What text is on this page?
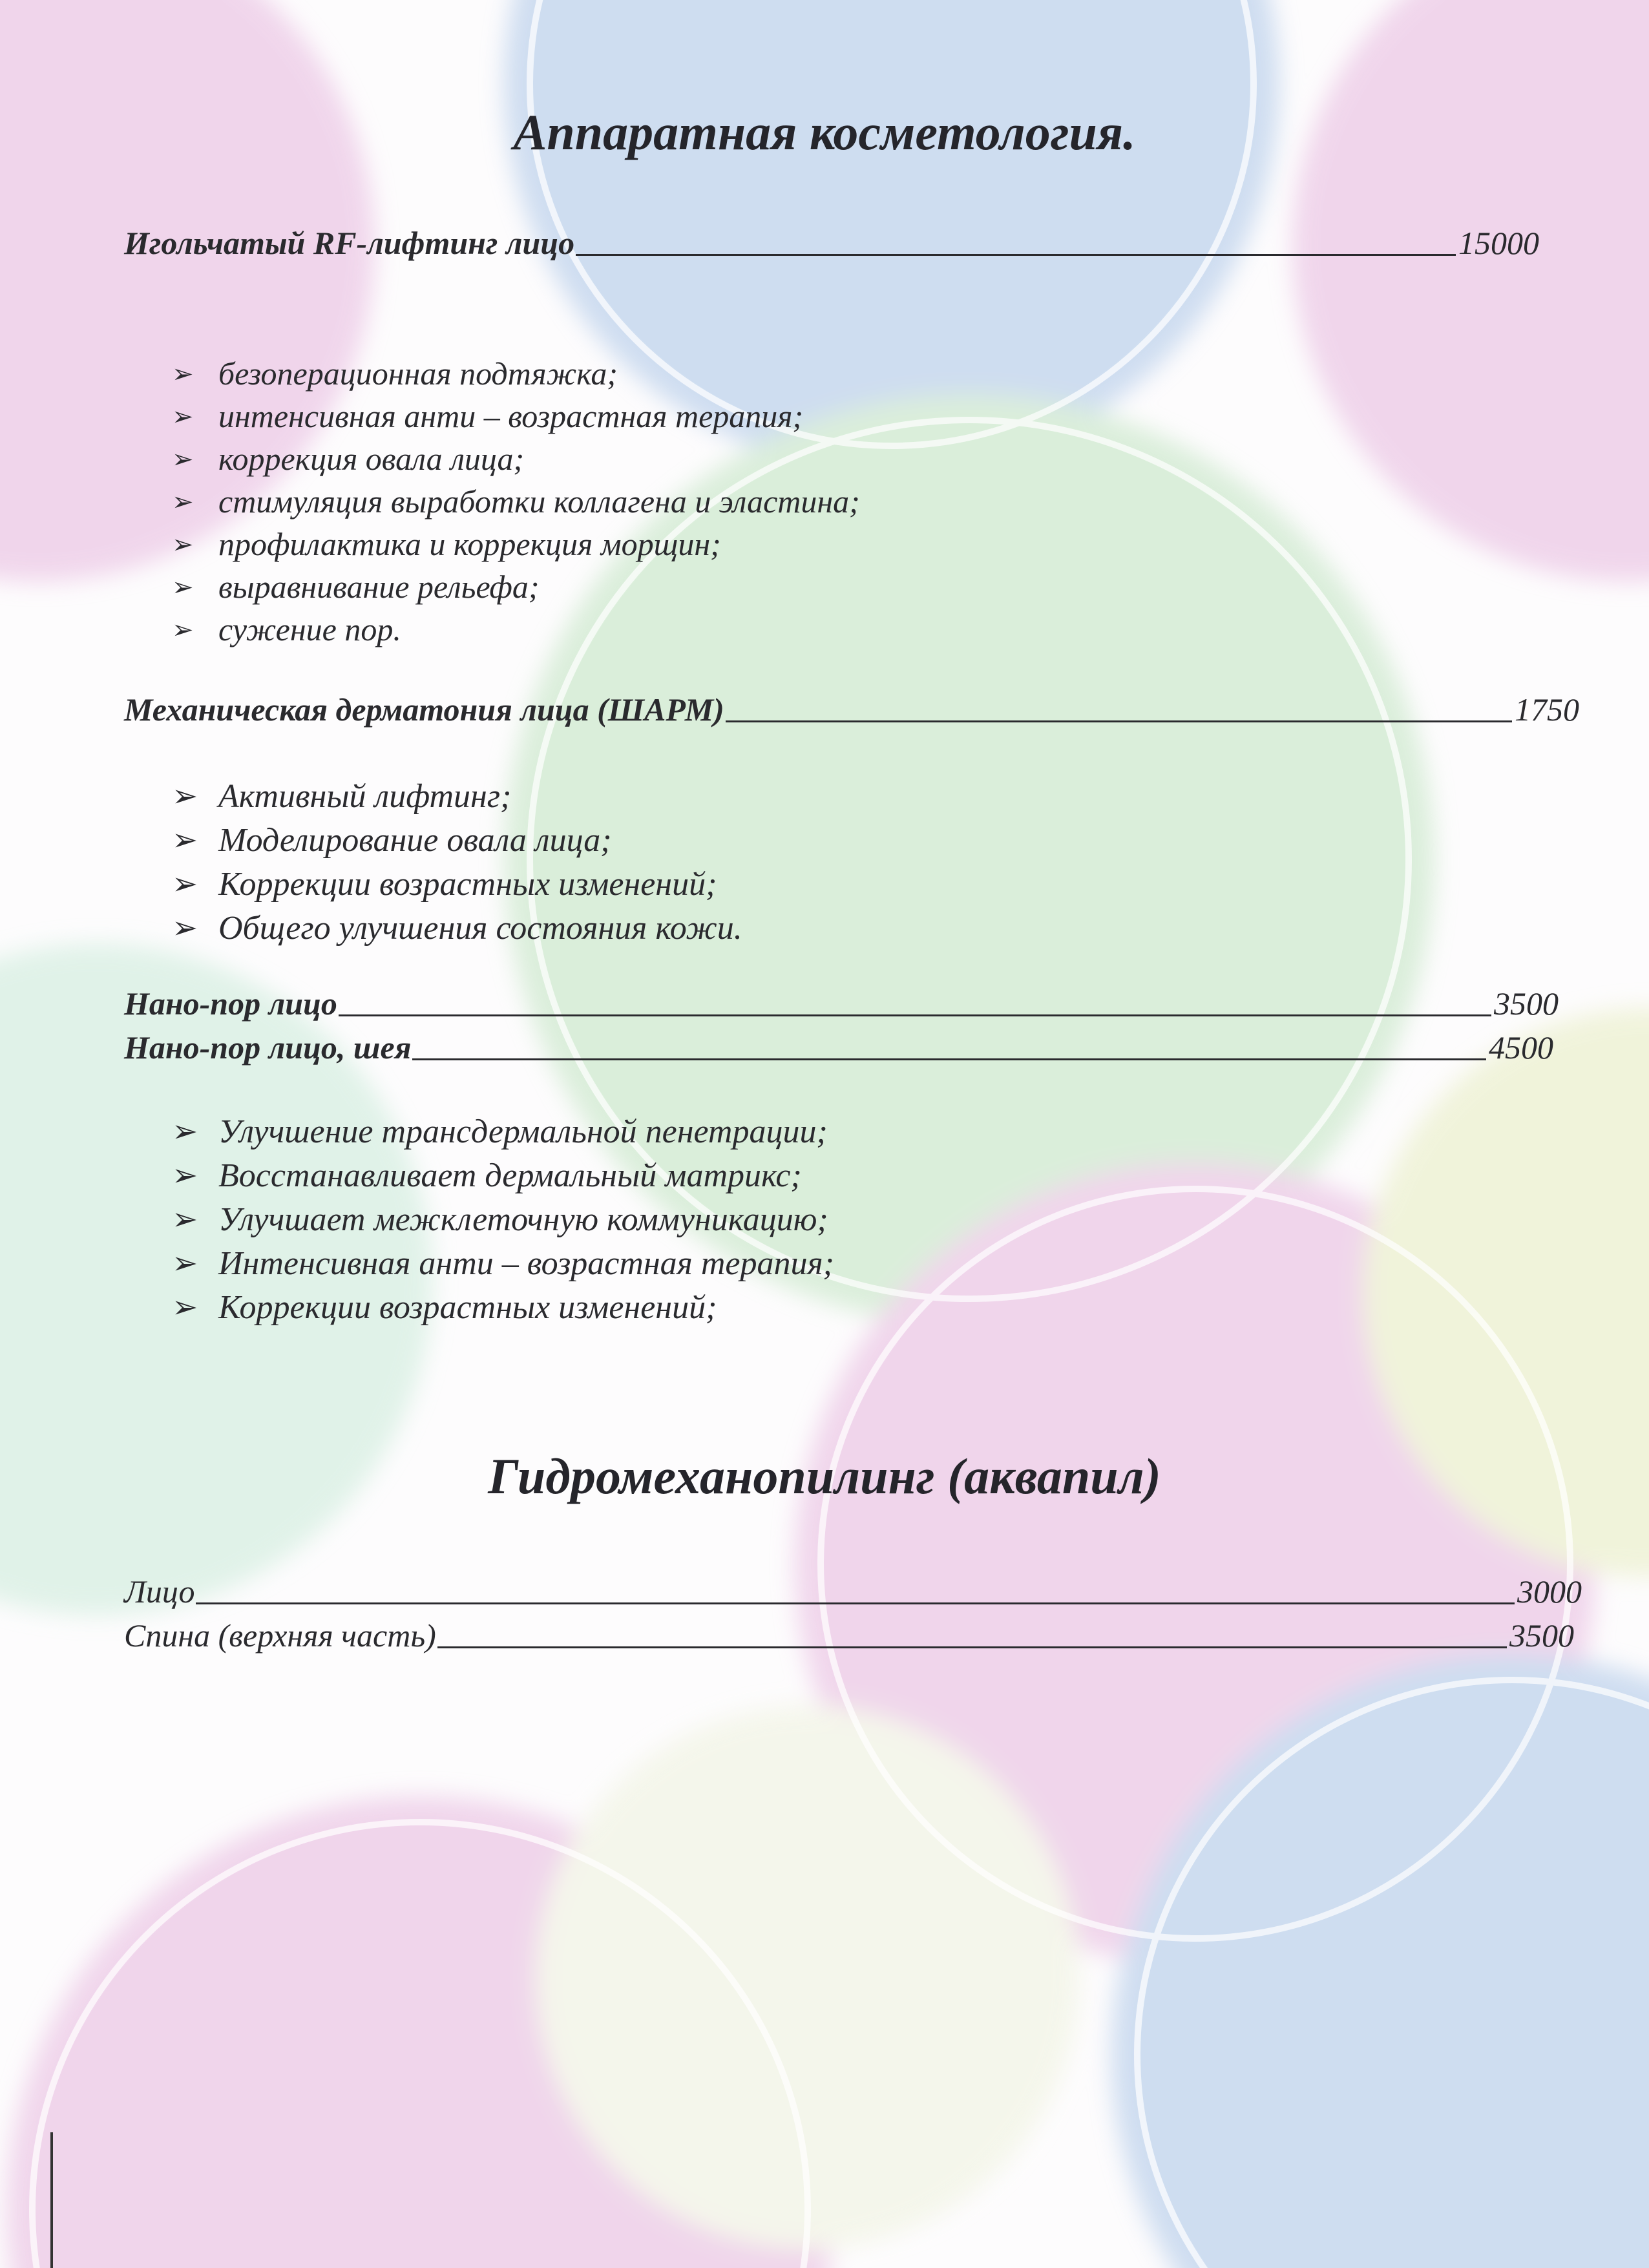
Аппаратная косметология.
Игольчатый RF-лифтинг лицо	15000
➢ безоперационная подтяжка;
➢ интенсивная анти – возрастная терапия;
➢ коррекция овала лица;
➢ стимуляция выработки коллагена и эластина;
➢ профилактика и коррекция морщин;
➢ выравнивание рельефа;
➢ сужение пор.
Механическая дерматония лица (ШАРМ)	1750
➢ Активный лифтинг;
➢ Моделирование овала лица;
➢ Коррекции возрастных изменений;
➢ Общего улучшения состояния кожи.
Нано-пор лицо	3500
Нано-пор лицо, шея	4500
➢ Улучшение трансдермальной пенетрации;
➢ Восстанавливает дермальный матрикс;
➢ Улучшает межклеточную коммуникацию;
➢ Интенсивная анти – возрастная терапия;
➢ Коррекции возрастных изменений;
Гидромеханопилинг (аквапил)
Лицо	3000
Спина (верхняя часть)	3500
